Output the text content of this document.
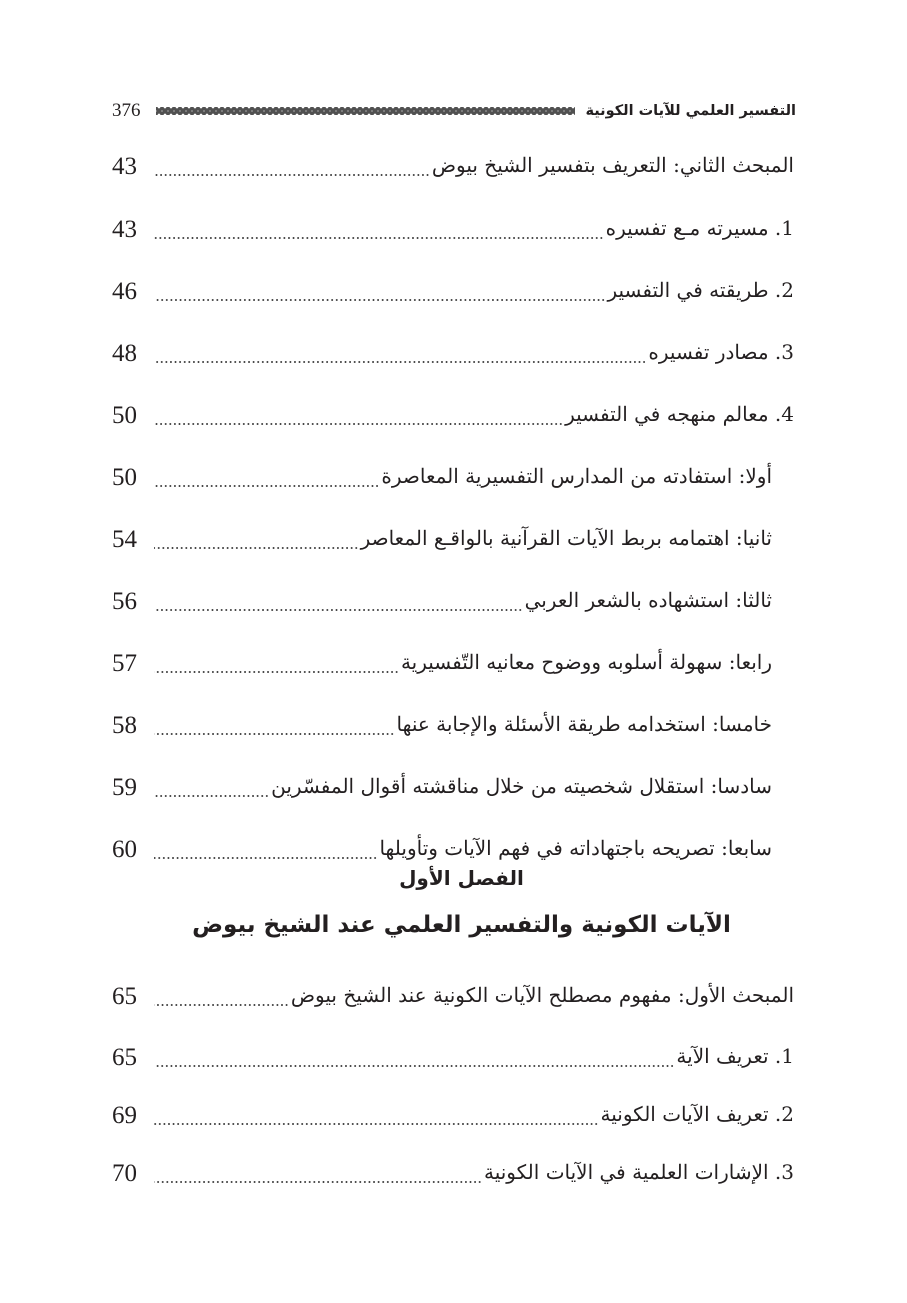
376	التفسير العلمي للآيات الكونية
43	المبحث الثاني: التعريف بتفسير الشيخ بيوض
43	1. مسيرته مـع تفسيره
46	2. طريقته في التفسير
48	3. مصادر تفسيره
50	4. معالم منهجه في التفسير
50	أولا: استفادته من المدارس التفسيرية المعاصرة
54	ثانيا: اهتمامه بربط الآيات القرآنية بالواقـع المعاصر
56	ثالثا: استشهاده بالشعر العربي
57	رابعا: سهولة أسلوبه ووضوح معانيه التّفسيرية
58	خامسا: استخدامه طريقة الأسئلة والإجابة عنها
59	سادسا: استقلال شخصيته من خلال مناقشته أقوال المفسّرين
60	سابعا: تصريحه باجتهاداته في فهم الآيات وتأويلها
الفصل الأول
الآيات الكونية والتفسير العلمي عند الشيخ بيوض
65	المبحث الأول: مفهوم مصطلح الآيات الكونية عند الشيخ بيوض
65	1. تعريف الآية
69	2. تعريف الآيات الكونية
70	3. الإشارات العلمية في الآيات الكونية
